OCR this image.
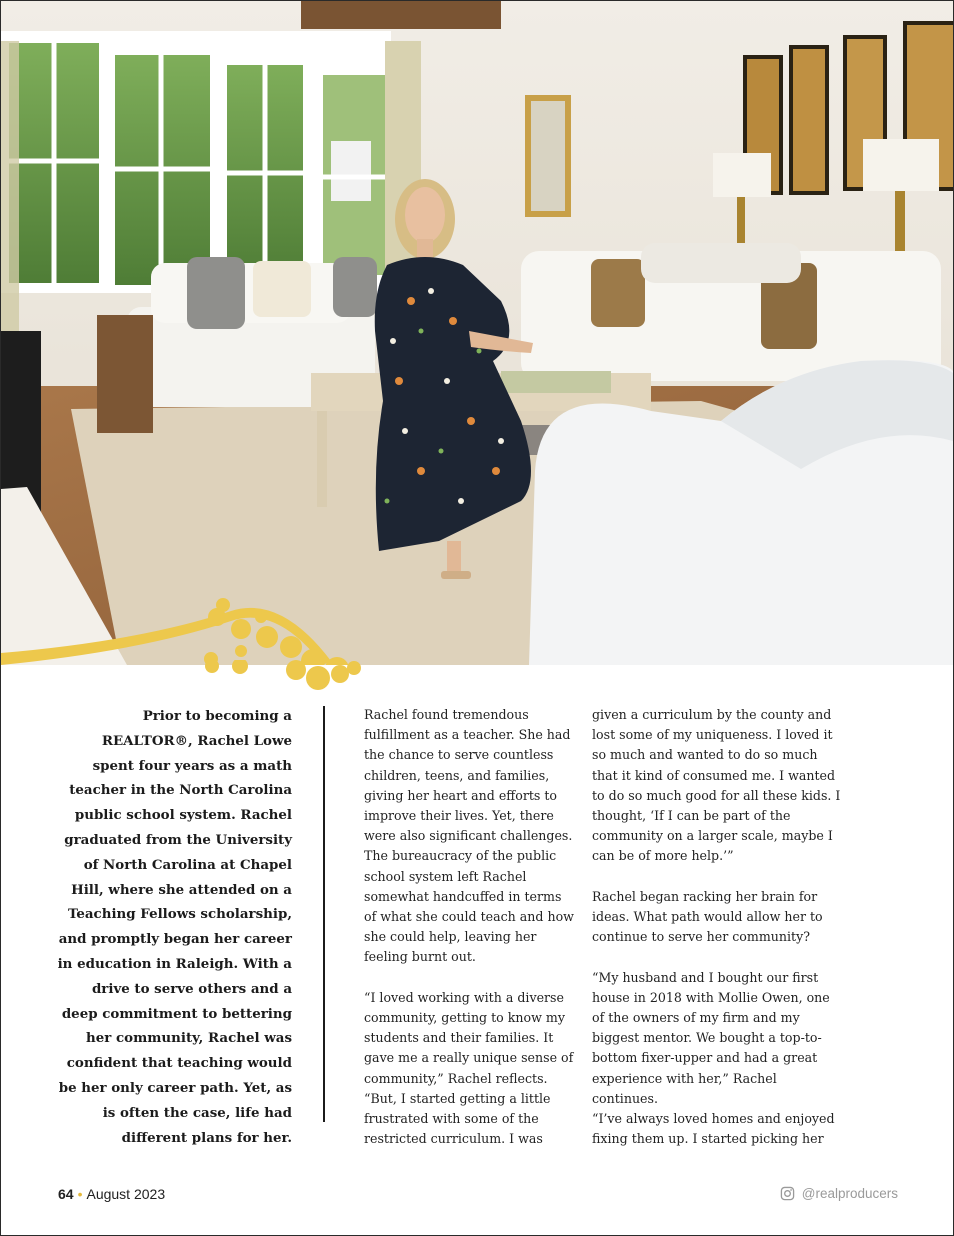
Prior to becoming a REALTOR®, Rachel Lowe spent four years as a math teacher in the North Carolina public school system. Rachel graduated from the University of North Carolina at Chapel Hill, where she attended on a Teaching Fellows scholarship, and promptly began her career in education in Raleigh. With a drive to serve others and a deep commitment to bettering her community, Rachel was confident that teaching would be her only career path. Yet, as is often the case, life had different plans for her.

Rachel found tremendous fulfillment as a teacher. She had the chance to serve countless children, teens, and families, giving her heart and efforts to improve their lives. Yet, there were also significant challenges. The bureaucracy of the public school system left Rachel somewhat handcuffed in terms of what she could teach and how she could help, leaving her feeling burnt out.

“I loved working with a diverse community, getting to know my students and their families. It gave me a really unique sense of community,” Rachel reflects. “But, I started getting a little frustrated with some of the restricted curriculum. I was

given a curriculum by the county and lost some of my uniqueness. I loved it so much and wanted to do so much that it kind of consumed me. I wanted to do so much good for all these kids. I thought, ‘If I can be part of the community on a larger scale, maybe I can be of more help.’”

Rachel began racking her brain for ideas. What path would allow her to continue to serve her community?

“My husband and I bought our first house in 2018 with Mollie Owen, one of the owners of my firm and my biggest mentor. We bought a top-to-bottom fixer-upper and had a great experience with her,” Rachel continues.

“I’ve always loved homes and enjoyed fixing them up. I started picking her

64 • August 2023	@realproducers
